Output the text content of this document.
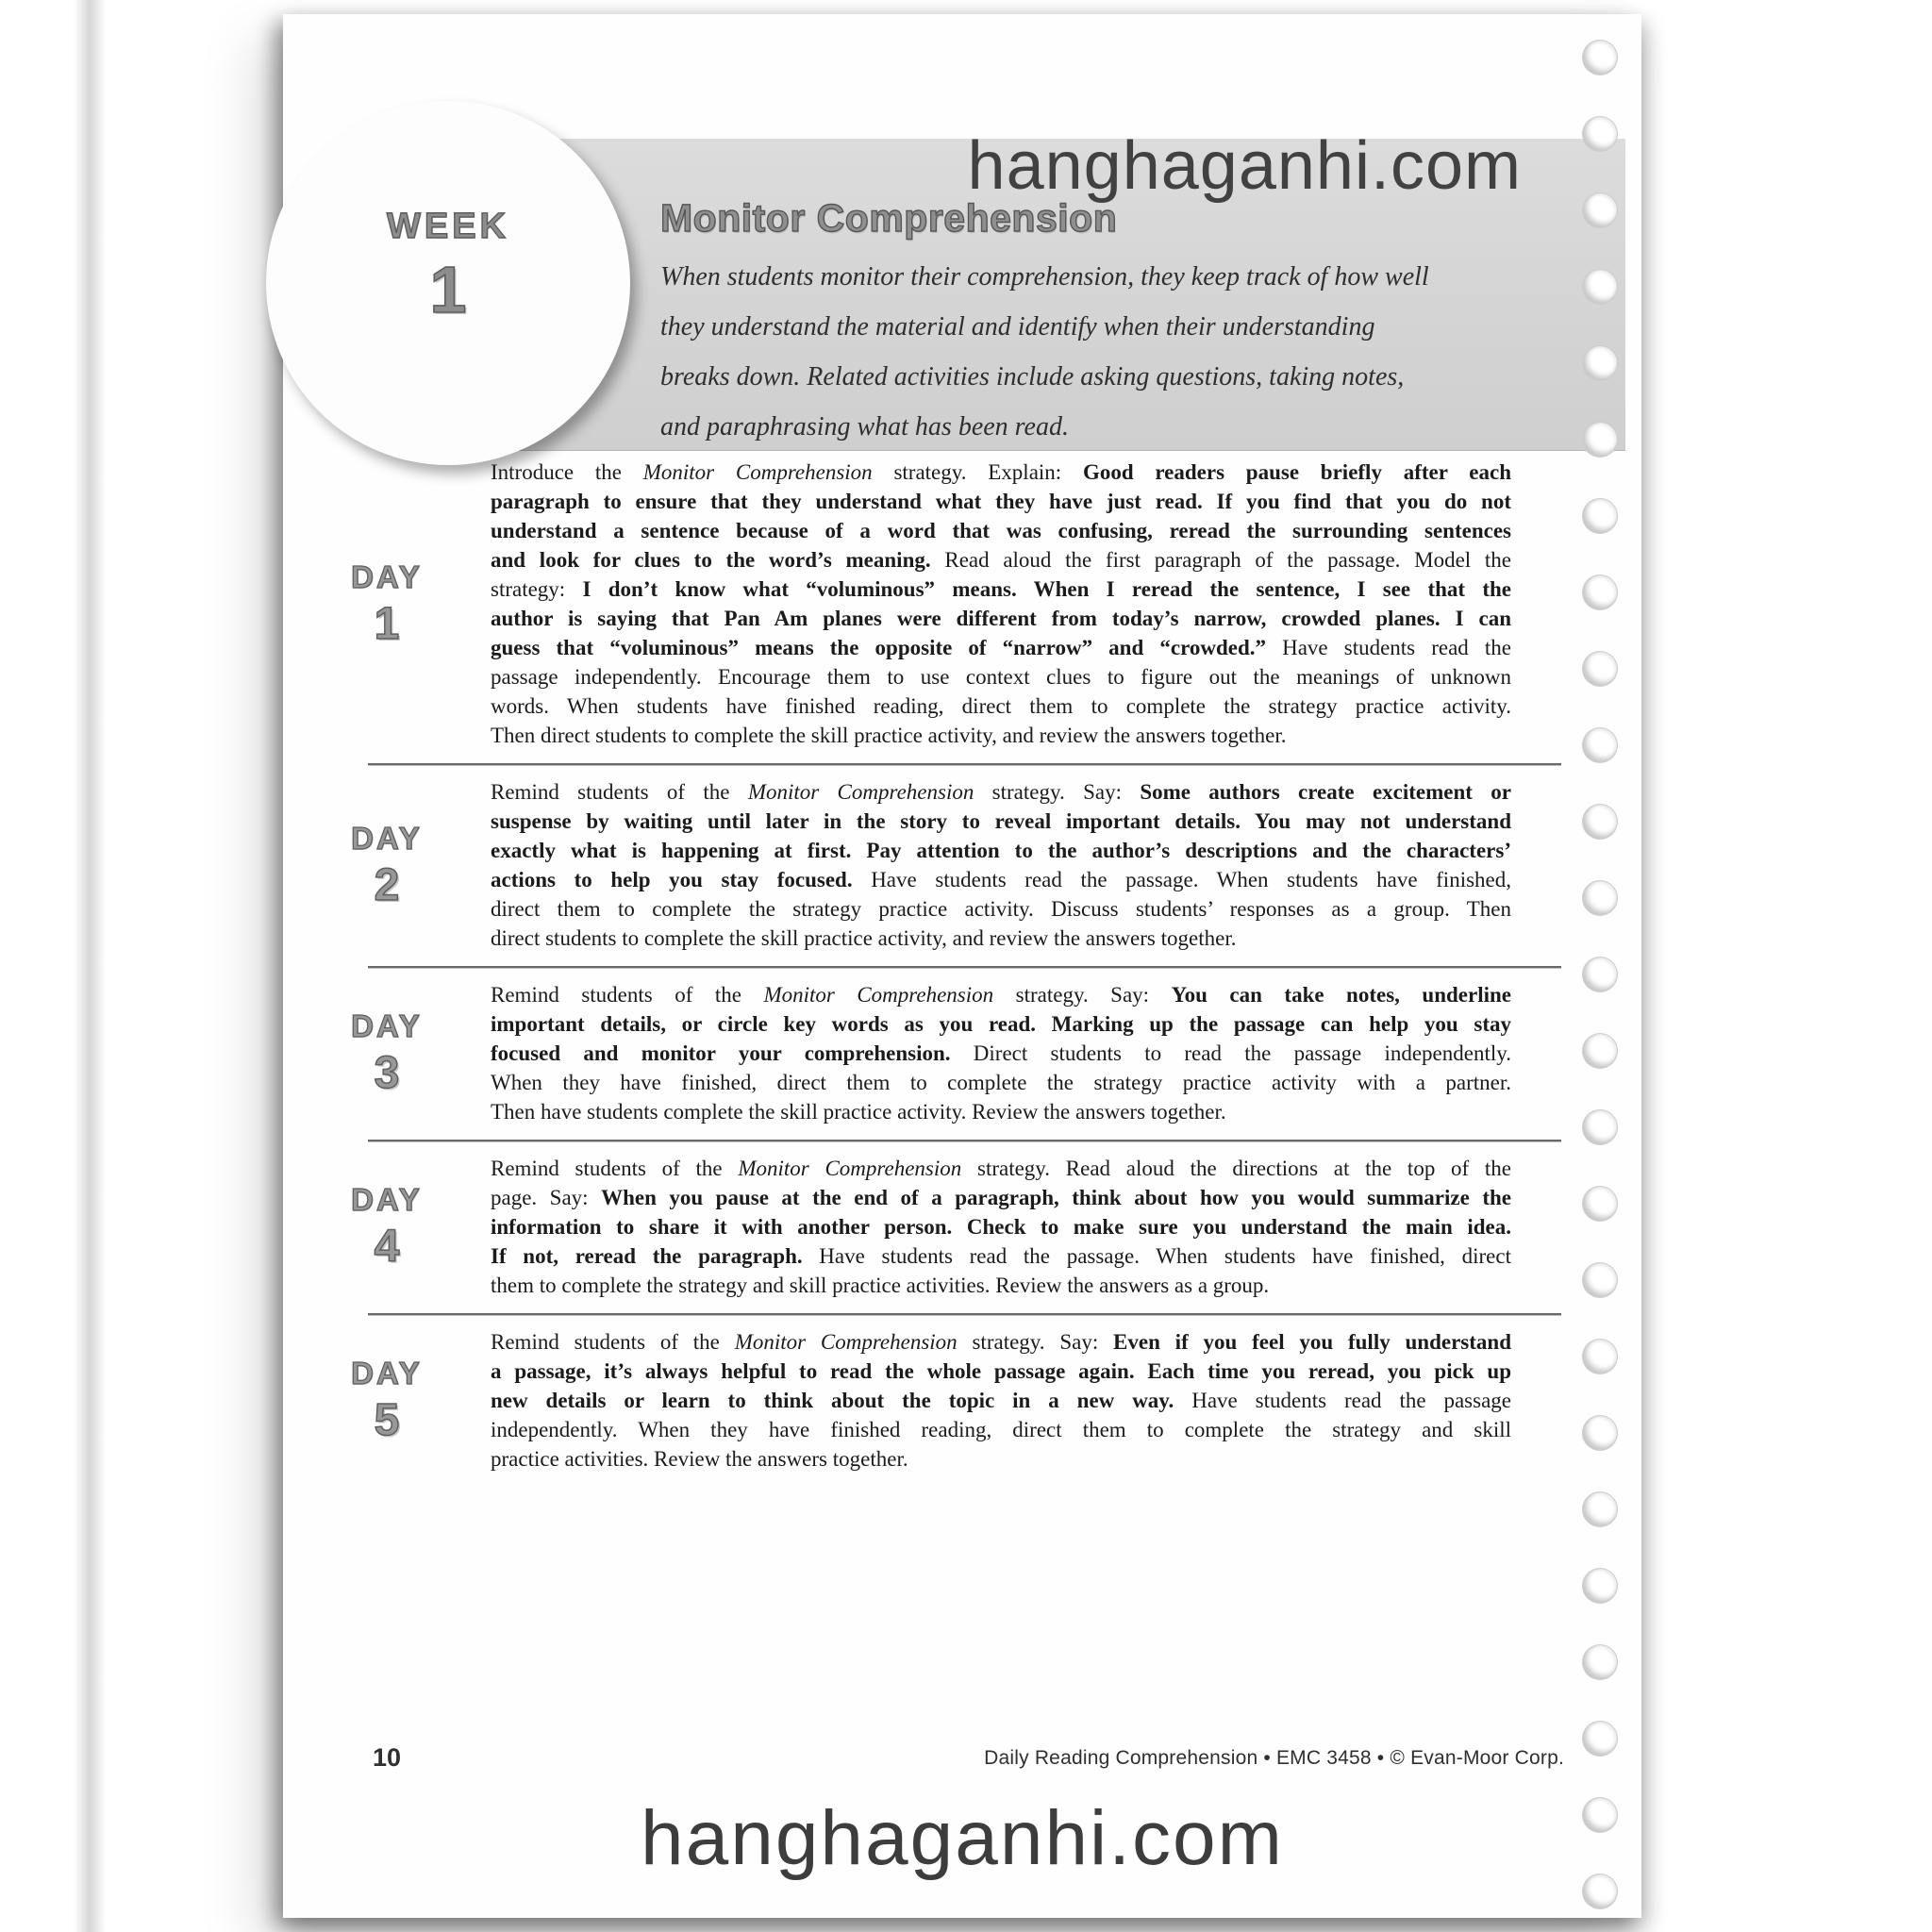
WEEK
1
hanghaganhi.com
Monitor Comprehension
When students monitor their comprehension, they keep track of how well
they understand the material and identify when their understanding
breaks down. Related activities include asking questions, taking notes,
and paraphrasing what has been read.
DAY
1
Introduce the Monitor Comprehension strategy. Explain: Good readers pause briefly after each
paragraph to ensure that they understand what they have just read. If you find that you do not
understand a sentence because of a word that was confusing, reread the surrounding sentences
and look for clues to the word’s meaning. Read aloud the first paragraph of the passage. Model the
strategy: I don’t know what “voluminous” means. When I reread the sentence, I see that the
author is saying that Pan Am planes were different from today’s narrow, crowded planes. I can
guess that “voluminous” means the opposite of “narrow” and “crowded.” Have students read the
passage independently. Encourage them to use context clues to figure out the meanings of unknown
words. When students have finished reading, direct them to complete the strategy practice activity.
Then direct students to complete the skill practice activity, and review the answers together.
DAY
2
Remind students of the Monitor Comprehension strategy. Say: Some authors create excitement or
suspense by waiting until later in the story to reveal important details. You may not understand
exactly what is happening at first. Pay attention to the author’s descriptions and the characters’
actions to help you stay focused. Have students read the passage. When students have finished,
direct them to complete the strategy practice activity. Discuss students’ responses as a group. Then
direct students to complete the skill practice activity, and review the answers together.
DAY
3
Remind students of the Monitor Comprehension strategy. Say: You can take notes, underline
important details, or circle key words as you read. Marking up the passage can help you stay
focused and monitor your comprehension. Direct students to read the passage independently.
When they have finished, direct them to complete the strategy practice activity with a partner.
Then have students complete the skill practice activity. Review the answers together.
DAY
4
Remind students of the Monitor Comprehension strategy. Read aloud the directions at the top of the
page. Say: When you pause at the end of a paragraph, think about how you would summarize the
information to share it with another person. Check to make sure you understand the main idea.
If not, reread the paragraph. Have students read the passage. When students have finished, direct
them to complete the strategy and skill practice activities. Review the answers as a group.
DAY
5
Remind students of the Monitor Comprehension strategy. Say: Even if you feel you fully understand
a passage, it’s always helpful to read the whole passage again. Each time you reread, you pick up
new details or learn to think about the topic in a new way. Have students read the passage
independently. When they have finished reading, direct them to complete the strategy and skill
practice activities. Review the answers together.
10	Daily Reading Comprehension • EMC 3458 • © Evan-Moor Corp.
hanghaganhi.com
